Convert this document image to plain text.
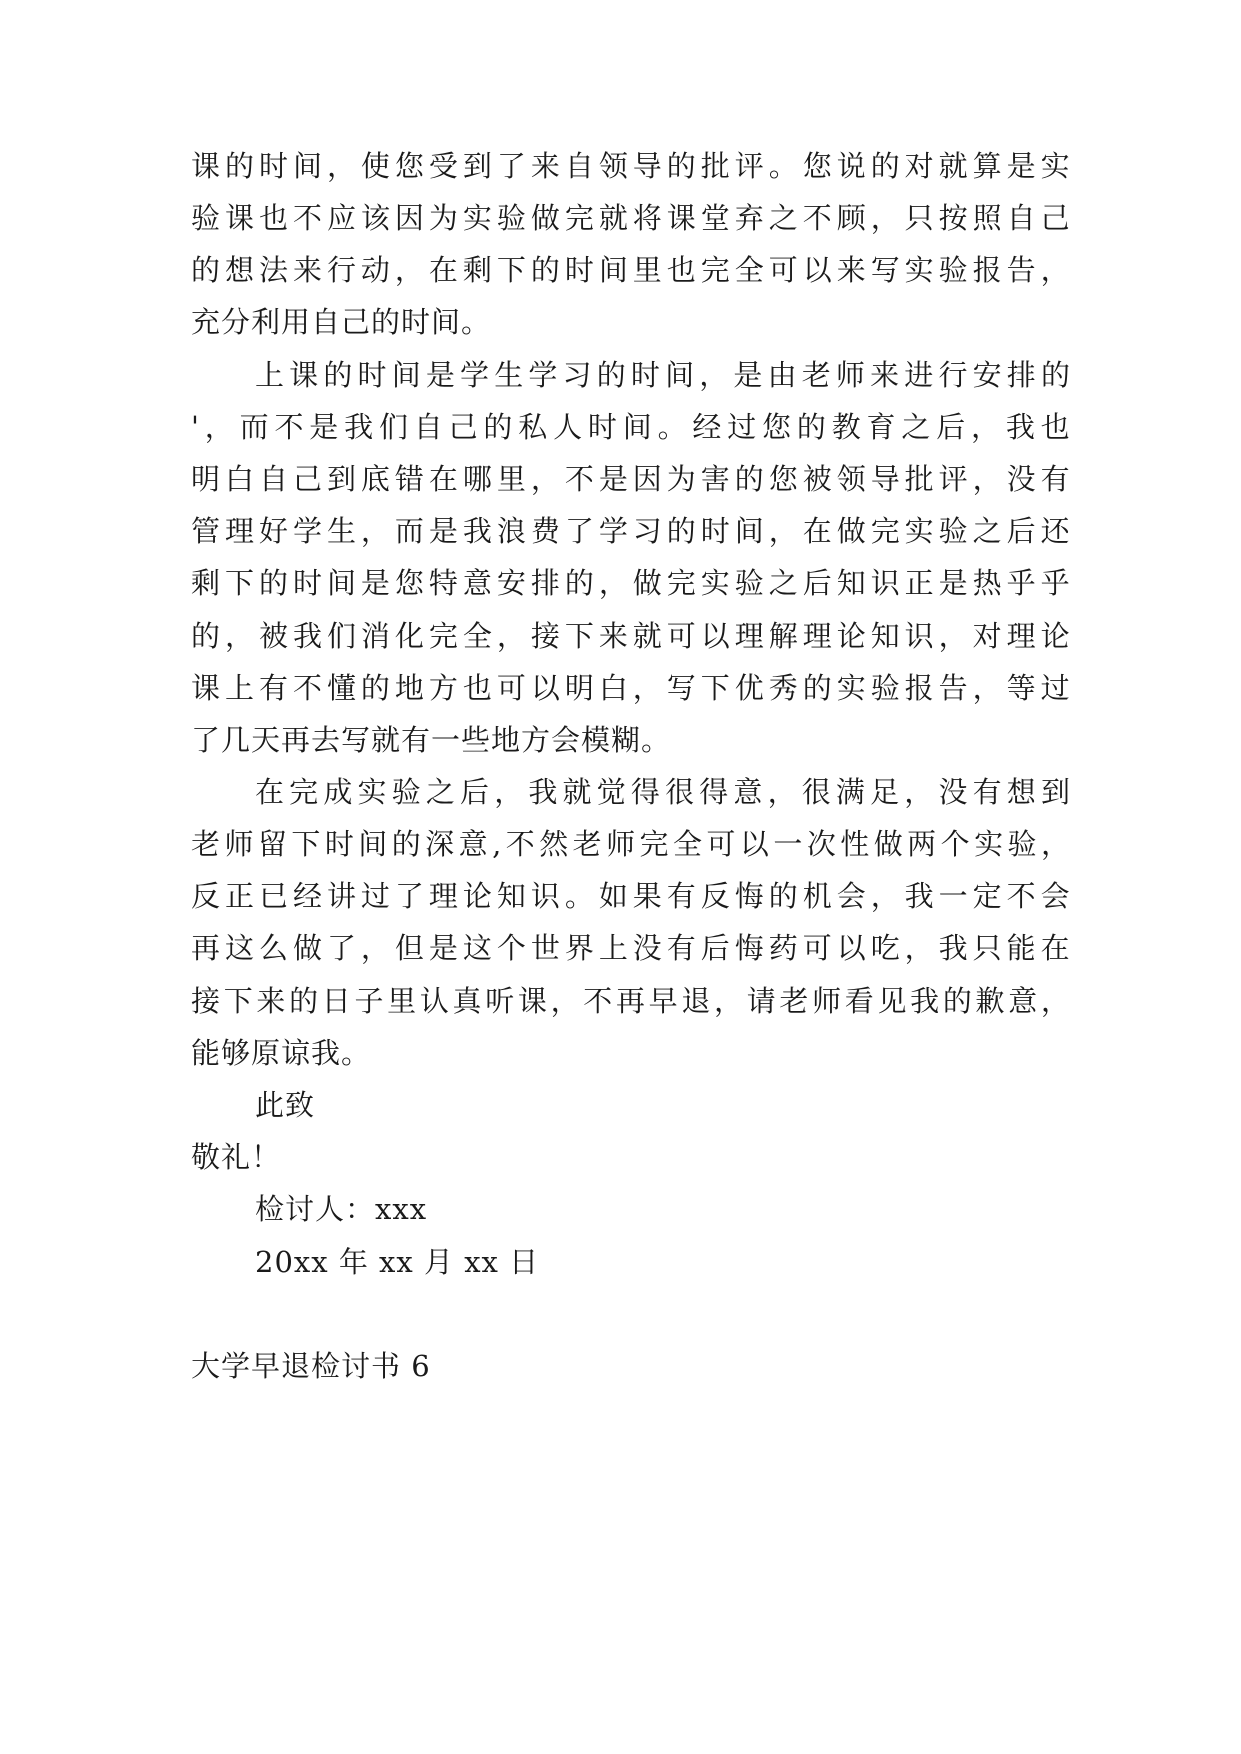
课 的 时 间 ， 使 您 受 到 了 来 自 领 导 的 批 评 。 您 说 的 对 就 算 是 实
验 课 也 不 应 该 因 为 实 验 做 完 就 将 课 堂 弃 之 不 顾 ， 只 按 照 自 己
的 想 法 来 行 动 ， 在 剩 下 的 时 间 里 也 完 全 可 以 来 写 实 验 报 告 ，
充分利用自己的时间。
上 课 的 时 间 是 学 生 学 习 的 时 间 ， 是 由 老 师 来 进 行 安 排 的
' ， 而 不 是 我 们 自 己 的 私 人 时 间 。 经 过 您 的 教 育 之 后 ， 我 也
明 白 自 己 到 底 错 在 哪 里 ， 不 是 因 为 害 的 您 被 领 导 批 评 ， 没 有
管 理 好 学 生 ， 而 是 我 浪 费 了 学 习 的 时 间 ， 在 做 完 实 验 之 后 还
剩 下 的 时 间 是 您 特 意 安 排 的 ， 做 完 实 验 之 后 知 识 正 是 热 乎 乎
的 ， 被 我 们 消 化 完 全 ， 接 下 来 就 可 以 理 解 理 论 知 识 ， 对 理 论
课 上 有 不 懂 的 地 方 也 可 以 明 白 ， 写 下 优 秀 的 实 验 报 告 ， 等 过
了几天再去写就有一些地方会模糊。
在 完 成 实 验 之 后 ， 我 就 觉 得 很 得 意 ， 很 满 足 ， 没 有 想 到
老 师 留 下 时 间 的 深 意 , 不 然 老 师 完 全 可 以 一 次 性 做 两 个 实 验 ，
反 正 已 经 讲 过 了 理 论 知 识 。 如 果 有 反 悔 的 机 会 ， 我 一 定 不 会
再 这 么 做 了 ， 但 是 这 个 世 界 上 没 有 后 悔 药 可 以 吃 ， 我 只 能 在
接 下 来 的 日 子 里 认 真 听 课 ， 不 再 早 退 ， 请 老 师 看 见 我 的 歉 意 ，
能够原谅我。
此致
敬礼！
检讨人：xxx
20xx 年 xx 月 xx 日
大学早退检讨书 6
